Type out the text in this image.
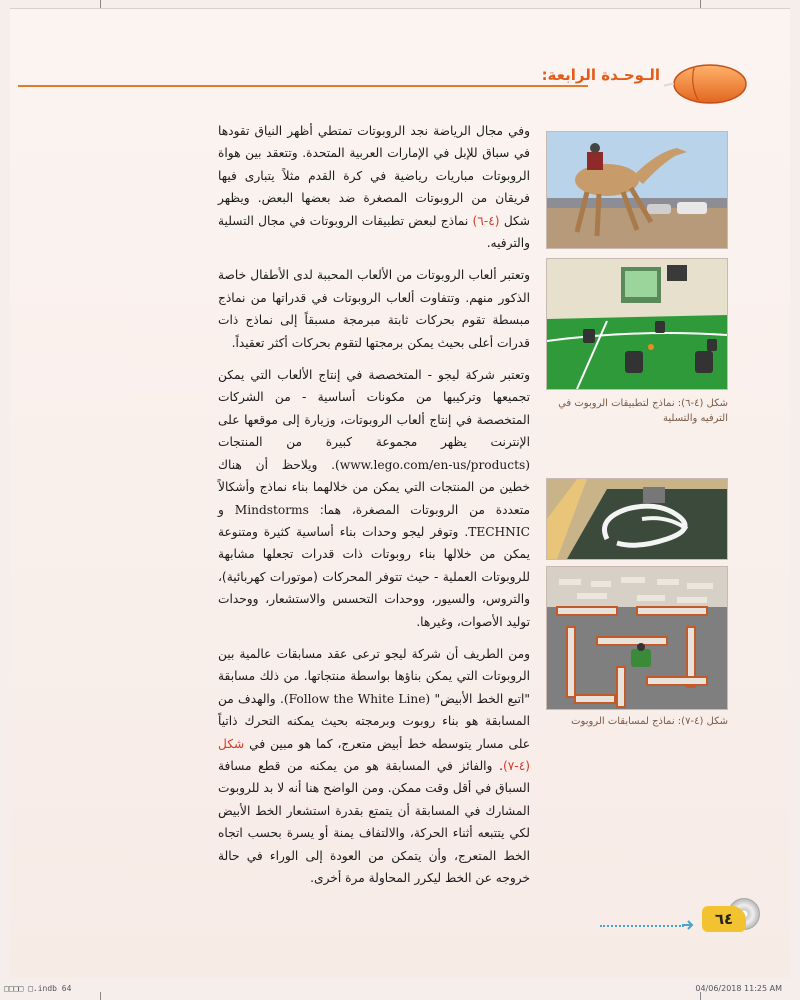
الـوحـدة الرابعة:

وفي مجال الرياضة نجد الروبوتات تمتطي أظهر النياق تقودها في سباق للإبل في الإمارات العربية المتحدة. وتتعقد بين هواة الروبوتات مباريات رياضية في كرة القدم مثلاً يتبارى فيها فريقان من الروبوتات المصغرة ضد بعضها البعض. ويظهر شكل (٤-٦) نماذج لبعض تطبيقات الروبوتات في مجال التسلية والترفيه.

وتعتبر ألعاب الروبوتات من الألعاب المحببة لدى الأطفال خاصة الذكور منهم. وتتفاوت ألعاب الروبوتات في قدراتها من نماذج مبسطة تقوم بحركات ثابتة مبرمجة مسبقاً إلى نماذج ذات قدرات أعلى بحيث يمكن برمجتها لتقوم بحركات أكثر تعقيداً.

وتعتبر شركة ليجو - المتخصصة في إنتاج الألعاب التي يمكن تجميعها وتركيبها من مكونات أساسية - من الشركات المتخصصة في إنتاج ألعاب الروبوتات، وزيارة إلى موقعها على الإنترنت يظهر مجموعة كبيرة من المنتجات (www.lego.com/en-us/products). ويلاحظ أن هناك خطين من المنتجات التي يمكن من خلالهما بناء نماذج وأشكالاً متعددة من الروبوتات المصغرة، هما: Mindstorms و TECHNIC. وتوفر ليجو وحدات بناء أساسية كثيرة ومتنوعة يمكن من خلالها بناء روبوتات ذات قدرات تجعلها مشابهة للروبوتات العملية - حيث تتوفر المحركات (موتورات كهربائية)، والتروس، والسيور، ووحدات التحسس والاستشعار، ووحدات توليد الأصوات، وغيرها.

ومن الطريف أن شركة ليجو ترعى عقد مسابقات عالمية بين الروبوتات التي يمكن بناؤها بواسطة منتجاتها. من ذلك مسابقة "اتبع الخط الأبيض" (Follow the White Line). والهدف من المسابقة هو بناء روبوت وبرمجته بحيث يمكنه التحرك ذاتياً على مسار يتوسطه خط أبيض متعرج، كما هو مبين في شكل (٤-٧). والفائز في المسابقة هو من يمكنه من قطع مسافة السباق في أقل وقت ممكن. ومن الواضح هنا أنه لا بد للروبوت المشارك في المسابقة أن يتمتع بقدرة استشعار الخط الأبيض لكي يتتبعه أثناء الحركة، والالتفاف يمنة أو يسرة بحسب اتجاه الخط المتعرج، وأن يتمكن من العودة إلى الوراء في حالة خروجه عن الخط ليكرر المحاولة مرة أخرى.

شكل (٤-٦): نماذج لتطبيقات الروبوت في الترفيه والتسلية
شكل (٤-٧): نماذج لمسابقات الروبوت
٦٤
□□□□ □.indb 64	04/06/2018 11:25 AM
